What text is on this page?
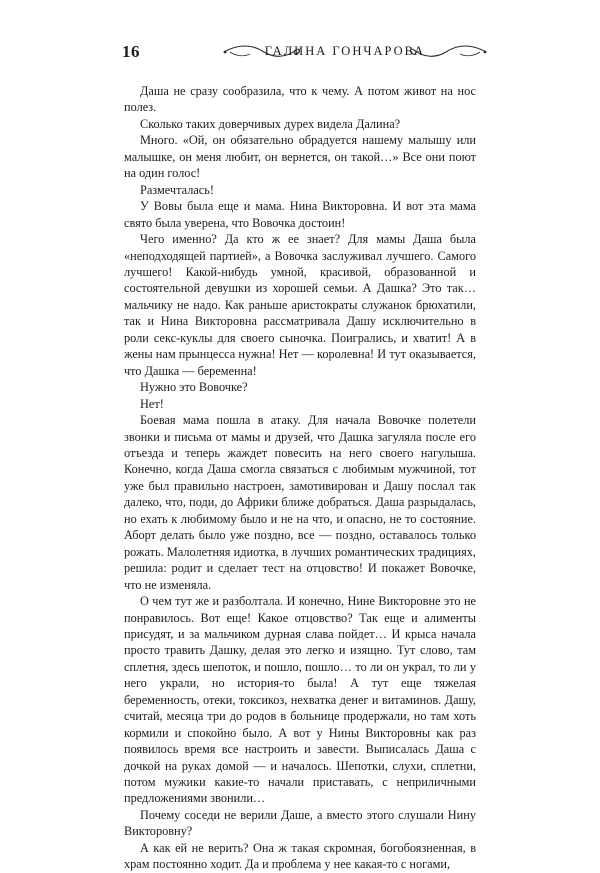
16	ГАЛИНА ГОНЧАРОВА

Даша не сразу сообразила, что к чему. А потом живот на нос полез.

Сколько таких доверчивых дурех видела Далина?

Много. «Ой, он обязательно обрадуется нашему малышу или малышке, он меня любит, он вернется, он такой…» Все они поют на один голос!

Размечталась!

У Вовы была еще и мама. Нина Викторовна. И вот эта мама свято была уверена, что Вовочка достоин!

Чего именно? Да кто ж ее знает? Для мамы Даша была «неподходящей партией», а Вовочка заслуживал лучшего. Самого лучшего! Какой-нибудь умной, красивой, образованной и состоятельной девушки из хорошей семьи. А Дашка? Это так… мальчику не надо. Как раньше аристократы служанок брюхатили, так и Нина Викторовна рассматривала Дашу исключительно в роли секс-куклы для своего сыночка. Поигрались, и хватит! А в жены нам прынцесса нужна! Нет — королевна! И тут оказывается, что Дашка — беременна!

Нужно это Вовочке?

Нет!

Боевая мама пошла в атаку. Для начала Вовочке полетели звонки и письма от мамы и друзей, что Дашка загуляла после его отъезда и теперь жаждет повесить на него своего нагулыша. Конечно, когда Даша смогла связаться с любимым мужчиной, тот уже был правильно настроен, замотивирован и Дашу послал так далеко, что, поди, до Африки ближе добраться. Даша разрыдалась, но ехать к любимому было и не на что, и опасно, не то состояние. Аборт делать было уже поздно, все — поздно, оставалось только рожать. Малолетняя идиотка, в лучших романтических традициях, решила: родит и сделает тест на отцовство! И покажет Вовочке, что не изменяла.

О чем тут же и разболтала. И конечно, Нине Викторовне это не понравилось. Вот еще! Какое отцовство? Так еще и алименты присудят, и за мальчиком дурная слава пойдет… И крыса начала просто травить Дашку, делая это легко и изящно. Тут слово, там сплетня, здесь шепоток, и пошло, пошло… то ли он украл, то ли у него украли, но история-то была! А тут еще тяжелая беременность, отеки, токсикоз, нехватка денег и витаминов. Дашу, считай, месяца три до родов в больнице продержали, но там хоть кормили и спокойно было. А вот у Нины Викторовны как раз появилось время все настроить и завести. Выписалась Даша с дочкой на руках домой — и началось. Шепотки, слухи, сплетни, потом мужики какие-то начали приставать, с неприличными предложениями звонили…

Почему соседи не верили Даше, а вместо этого слушали Нину Викторовну?

А как ей не верить? Она ж такая скромная, богобоязненная, в храм постоянно ходит. Да и проблема у нее какая-то с ногами,
